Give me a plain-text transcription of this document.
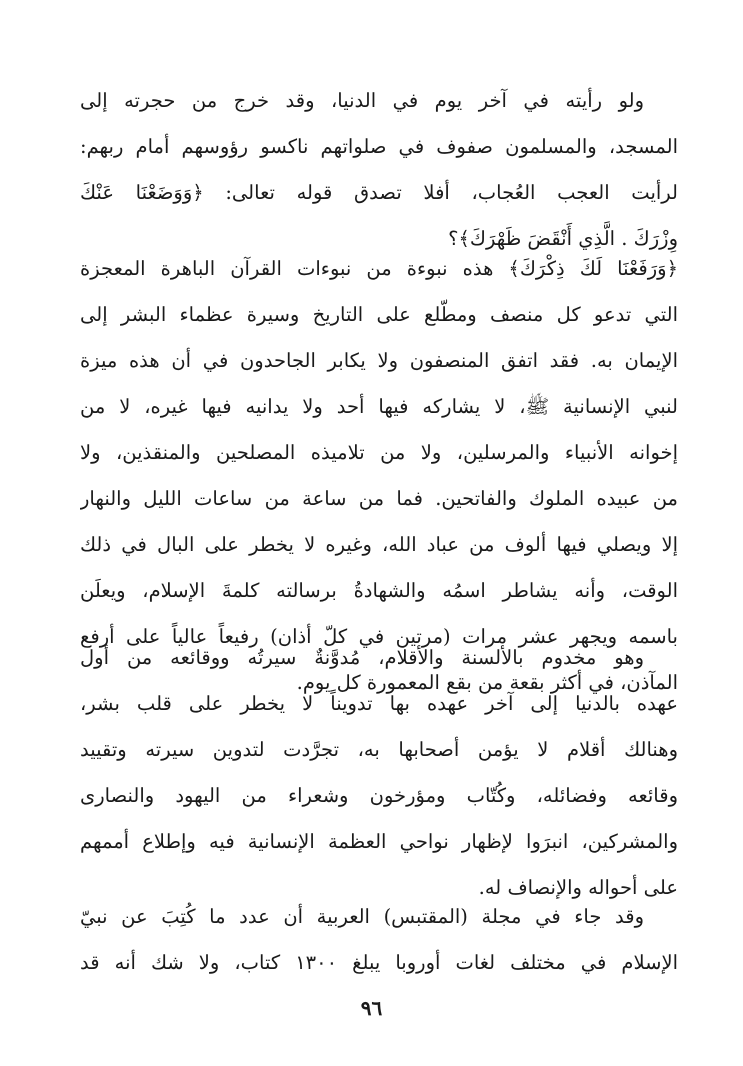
ولو رأيته في آخر يوم في الدنيا، وقد خرج من حجرته إلى
المسجد، والمسلمون صفوف في صلواتهم ناكسو رؤوسهم أمام ربهم:
لرأيت العجب العُجاب، أفلا تصدق قوله تعالى: ﴿وَوَضَعْنَا عَنْكَ
وِزْرَكَ . الَّذِي أَنْقَضَ ظَهْرَكَ﴾؟
﴿وَرَفَعْنَا لَكَ ذِكْرَكَ﴾ هذه نبوءة من نبوءات القرآن الباهرة المعجزة
التي تدعو كل منصف ومطّلع على التاريخ وسيرة عظماء البشر إلى
الإيمان به. فقد اتفق المنصفون ولا يكابر الجاحدون في أن هذه ميزة
لنبي الإنسانية ﷺ، لا يشاركه فيها أحد ولا يدانيه فيها غيره، لا من
إخوانه الأنبياء والمرسلين، ولا من تلاميذه المصلحين والمنقذين، ولا
من عبيده الملوك والفاتحين. فما من ساعة من ساعات الليل والنهار
إلا ويصلي فيها ألوف من عباد الله، وغيره لا يخطر على البال في ذلك
الوقت، وأنه يشاطر اسمُه والشهادةُ برسالته كلمةَ الإسلام، ويعلَن
باسمه ويجهر عشر مرات (مرتين في كلّ أذان) رفيعاً عالياً على أرفع
المآذن، في أكثر بقعة من بقع المعمورة كل يوم.
وهو مخدوم بالألسنة والأقلام، مُدوَّنةٌ سيرتُه ووقائعه من أول
عهده بالدنيا إلى آخر عهده بها تدويناً لا يخطر على قلب بشر،
وهنالك أقلام لا يؤمن أصحابها به، تجرَّدت لتدوين سيرته وتقييد
وقائعه وفضائله، وكُتّاب ومؤرخون وشعراء من اليهود والنصارى
والمشركين، انبرَوا لإظهار نواحي العظمة الإنسانية فيه وإطلاع أممهم
على أحواله والإنصاف له.
وقد جاء في مجلة (المقتبس) العربية أن عدد ما كُتِبَ عن نبيّ
الإسلام في مختلف لغات أوروبا يبلغ ١٣٠٠ كتاب، ولا شك أنه قد
٩٦
